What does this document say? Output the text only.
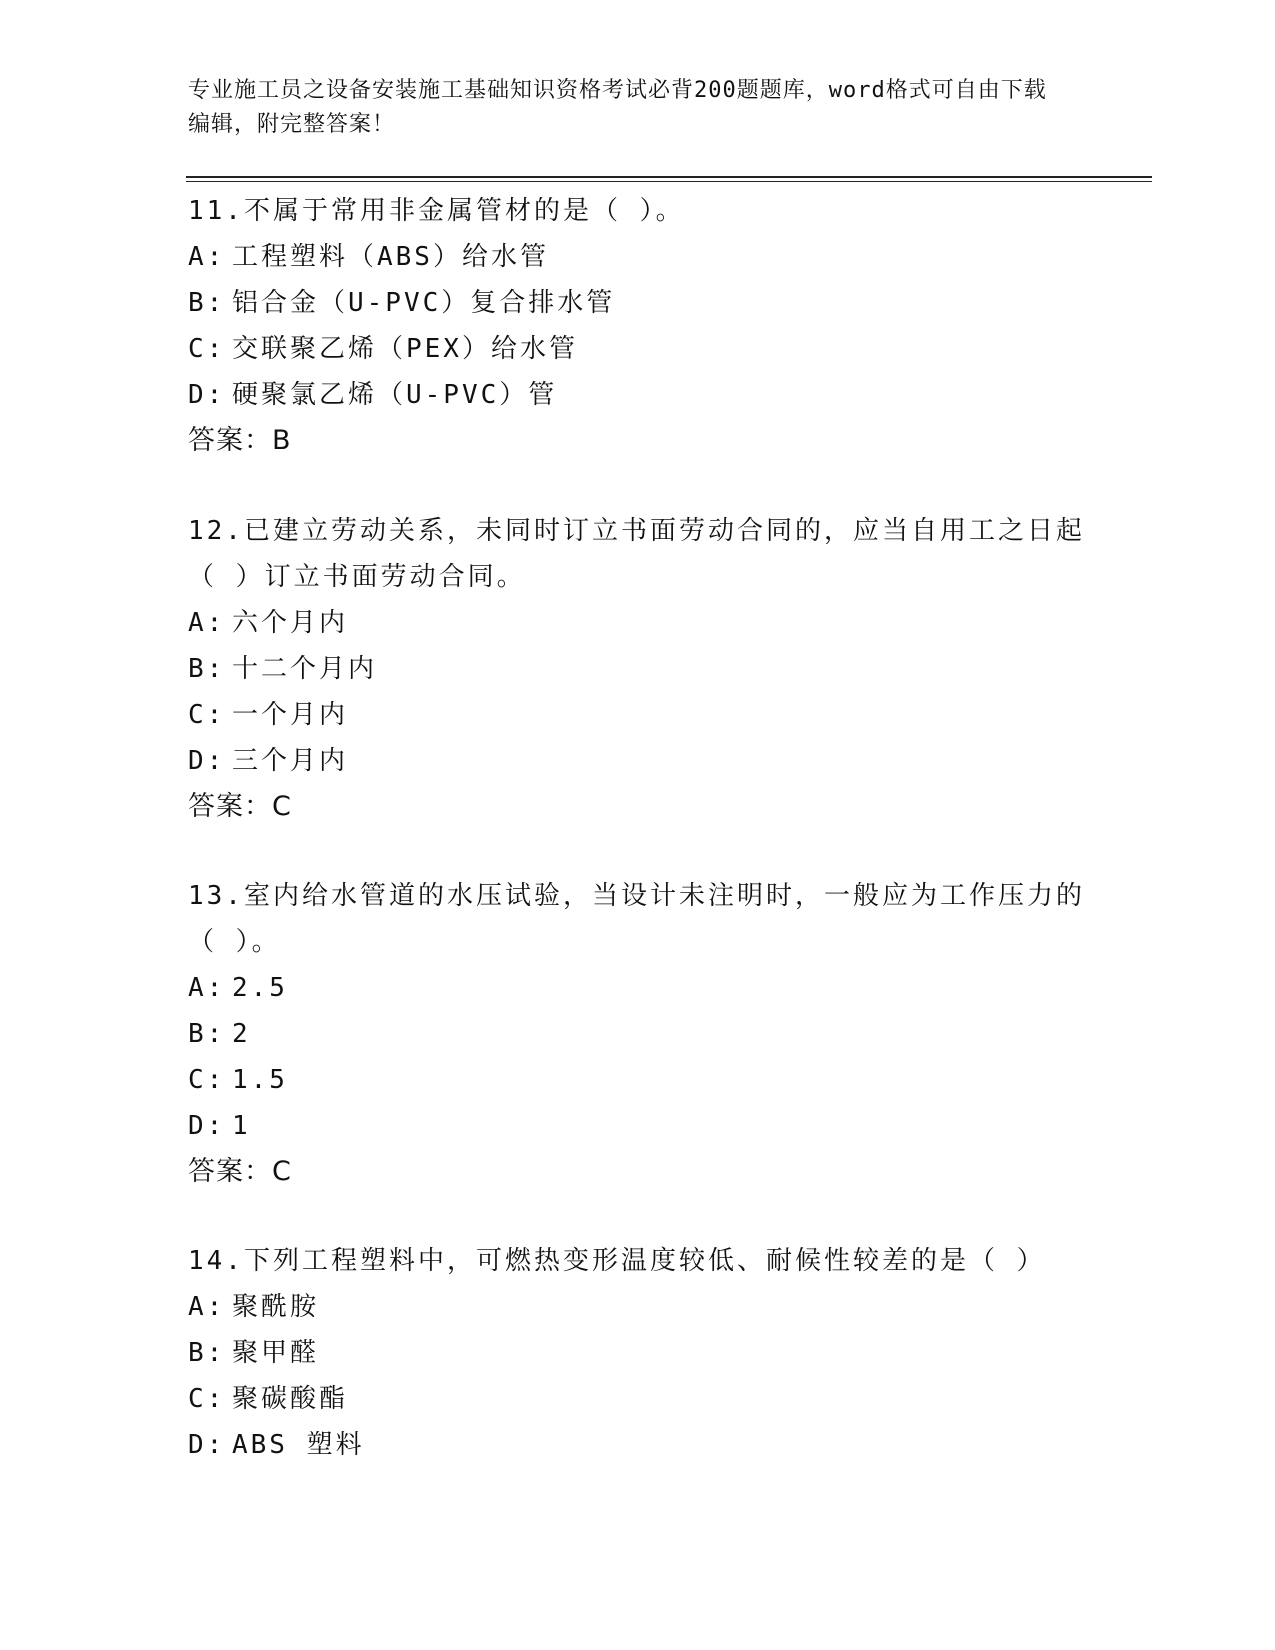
专业施工员之设备安装施工基础知识资格考试必背200题题库，word格式可自由下载编辑，附完整答案！

11.不属于常用非金属管材的是（ ）。

A: 工程塑料（ABS）给水管
B: 铝合金（U-PVC）复合排水管
C: 交联聚乙烯（PEX）给水管
D: 硬聚氯乙烯（U-PVC）管
答案：B

12.已建立劳动关系，未同时订立书面劳动合同的，应当自用工之日起（ ）订立书面劳动合同。

A: 六个月内
B: 十二个月内
C: 一个月内
D: 三个月内
答案：C

13.室内给水管道的水压试验，当设计未注明时，一般应为工作压力的（ ）。

A: 2.5
B: 2
C: 1.5
D: 1
答案：C

14.下列工程塑料中，可燃热变形温度较低、耐候性较差的是（ ）

A: 聚酰胺
B: 聚甲醛
C: 聚碳酸酯
D: ABS 塑料
